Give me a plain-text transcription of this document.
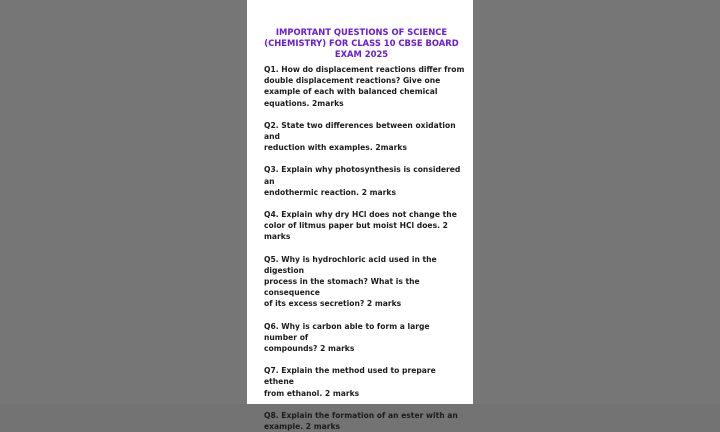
IMPORTANT QUESTIONS OF SCIENCE
(CHEMISTRY) FOR CLASS 10 CBSE BOARD
EXAM 2025

Q1. How do displacement reactions differ from
double displacement reactions? Give one
example of each with balanced chemical
equations. 2marks

Q2. State two differences between oxidation and
reduction with examples. 2marks

Q3. Explain why photosynthesis is considered an
endothermic reaction. 2 marks

Q4. Explain why dry HCl does not change the
color of litmus paper but moist HCl does. 2 marks

Q5. Why is hydrochloric acid used in the digestion
process in the stomach? What is the consequence
of its excess secretion? 2 marks

Q6. Why is carbon able to form a large number of
compounds? 2 marks

Q7. Explain the method used to prepare ethene
from ethanol. 2 marks

Q8. Explain the formation of an ester with an
example. 2 marks
